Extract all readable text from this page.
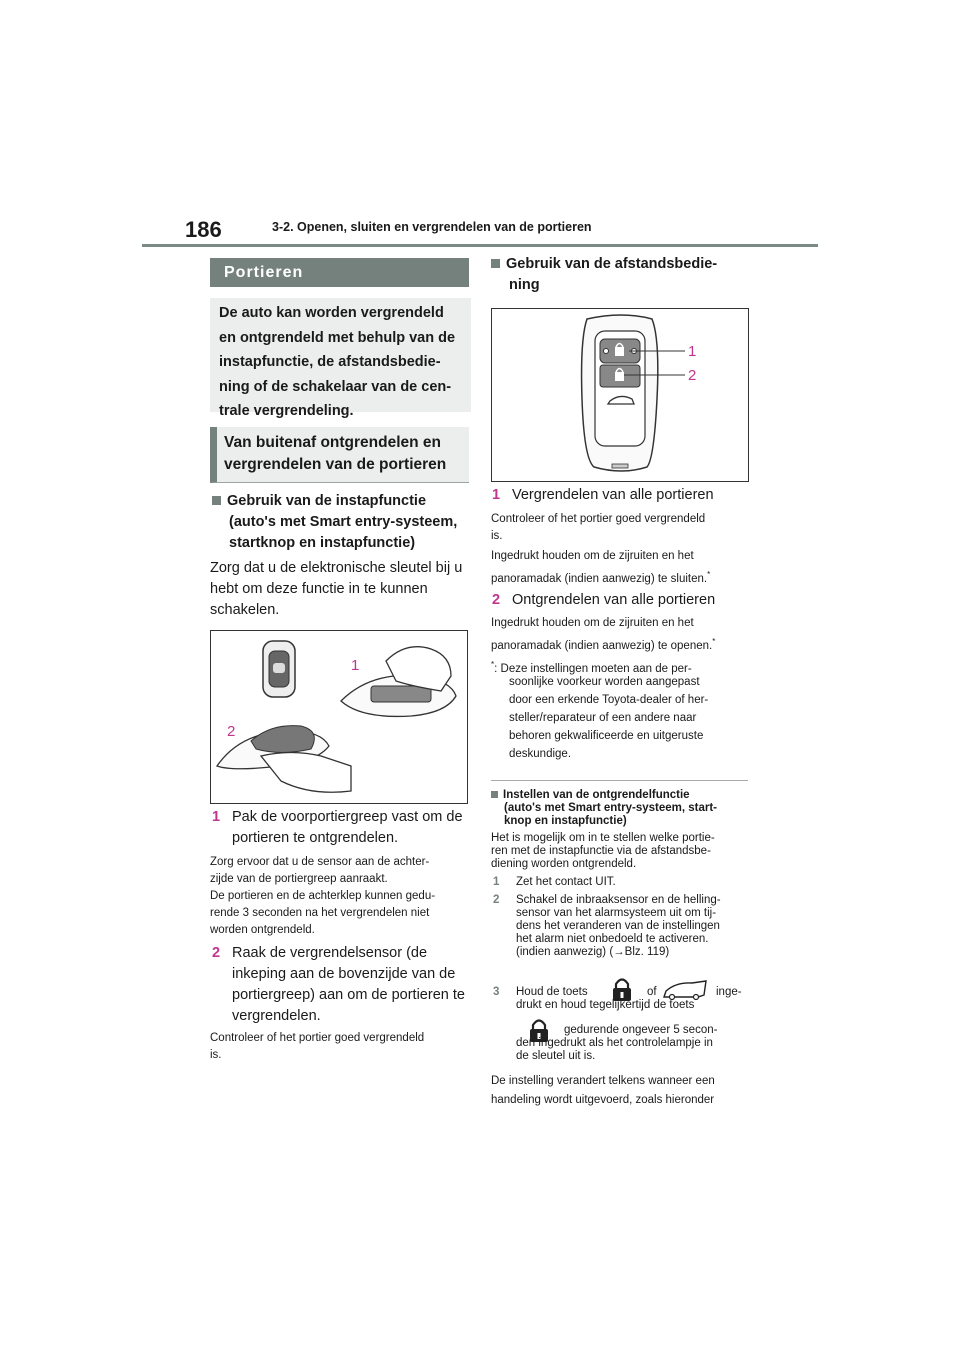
186	3-2. Openen, sluiten en vergrendelen van de portieren
Portieren
De auto kan worden vergrendeld en ontgrendeld met behulp van de instapfunctie, de afstandsbedie-ning of de schakelaar van de cen-trale vergrendeling.
Van buitenaf ontgrendelen en vergrendelen van de portieren
Gebruik van de instapfunctie
(auto's met Smart entry-systeem,
startknop en instapfunctie)
Zorg dat u de elektronische sleutel bij u
hebt om deze functie in te kunnen
schakelen.
1
2
1 Pak de voorportiergreep vast om de
portieren te ontgrendelen.
Zorg ervoor dat u de sensor aan de achter-
zijde van de portiergreep aanraakt.
De portieren en de achterklep kunnen gedu-
rende 3 seconden na het vergrendelen niet
worden ontgrendeld.
2 Raak de vergrendelsensor (de
inkeping aan de bovenzijde van de
portiergreep) aan om de portieren te
vergrendelen.
Controleer of het portier goed vergrendeld
is.
Gebruik van de afstandsbedie-
ning
1
2
1 Vergrendelen van alle portieren
Controleer of het portier goed vergrendeld
is.
Ingedrukt houden om de zijruiten en het
panoramadak (indien aanwezig) te sluiten.*
2 Ontgrendelen van alle portieren
Ingedrukt houden om de zijruiten en het
panoramadak (indien aanwezig) te openen.*
*: Deze instellingen moeten aan de per-
soonlijke voorkeur worden aangepast
door een erkende Toyota-dealer of her-
steller/reparateur of een andere naar
behoren gekwalificeerde en uitgeruste
deskundige.
Instellen van de ontgrendelfunctie
(auto's met Smart entry-systeem, start-
knop en instapfunctie)
Het is mogelijk om in te stellen welke portie-
ren met de instapfunctie via de afstandsbe-
diening worden ontgrendeld.
1 Zet het contact UIT.
2 Schakel de inbraaksensor en de helling-
sensor van het alarmsysteem uit om tij-
dens het veranderen van de instellingen
het alarm niet onbedoeld te activeren.
(indien aanwezig) (→Blz. 119)
3 Houd de toets	of	inge-
drukt en houd tegelijkertijd de toets
gedurende ongeveer 5 secon-
den ingedrukt als het controlelampje in
de sleutel uit is.
De instelling verandert telkens wanneer een
handeling wordt uitgevoerd, zoals hieronder
